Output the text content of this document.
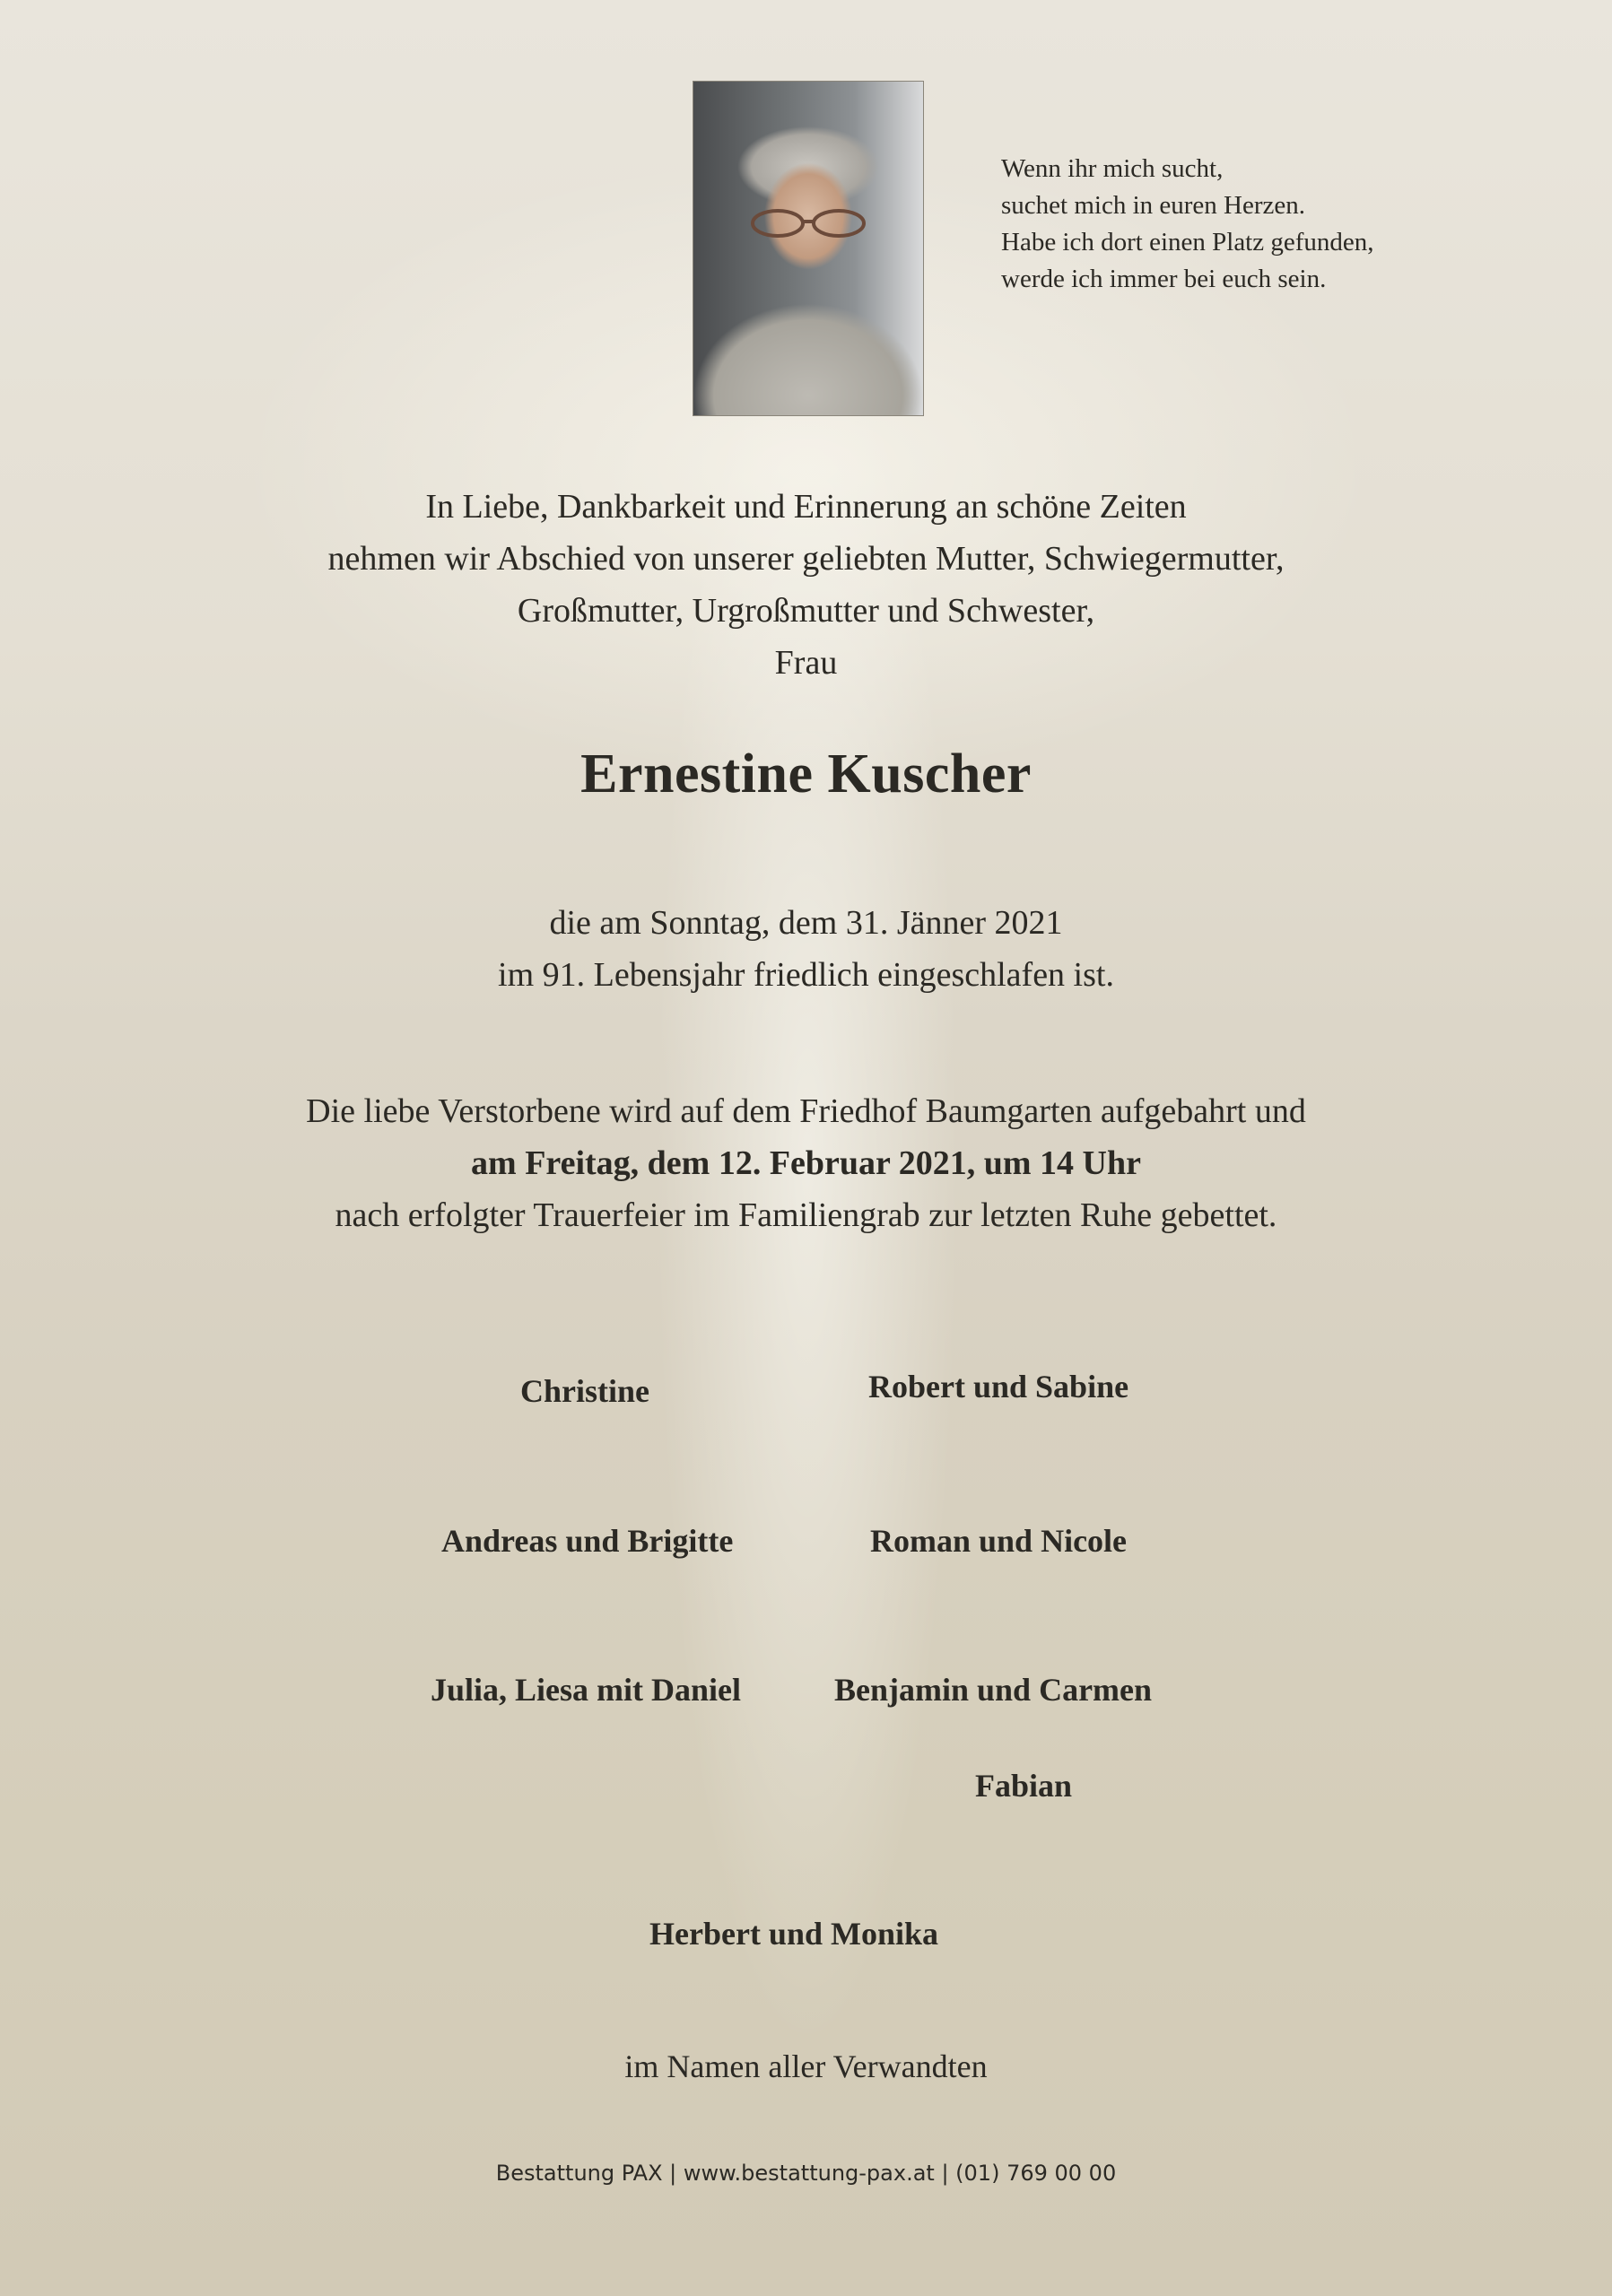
Wenn ihr mich sucht,
suchet mich in euren Herzen.
Habe ich dort einen Platz gefunden,
werde ich immer bei euch sein.
In Liebe, Dankbarkeit und Erinnerung an schöne Zeiten
nehmen wir Abschied von unserer geliebten Mutter, Schwiegermutter,
Großmutter, Urgroßmutter und Schwester,
Frau
Ernestine Kuscher
die am Sonntag, dem 31. Jänner 2021
im 91. Lebensjahr friedlich eingeschlafen ist.
Die liebe Verstorbene wird auf dem Friedhof Baumgarten aufgebahrt und
am Freitag, dem 12. Februar 2021, um 14 Uhr
nach erfolgter Trauerfeier im Familiengrab zur letzten Ruhe gebettet.
Christine	Robert und Sabine
Andreas und Brigitte	Roman und Nicole
Julia, Liesa mit Daniel	Benjamin und Carmen
Fabian
Herbert und Monika
im Namen aller Verwandten
Bestattung PAX | www.bestattung-pax.at | (01) 769 00 00
